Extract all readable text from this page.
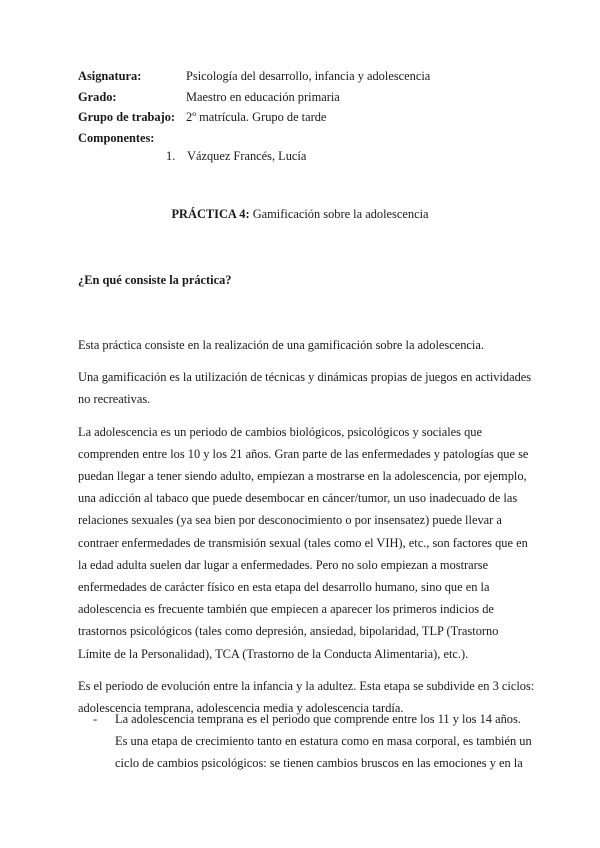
Asignatura:	Psicología del desarrollo, infancia y adolescencia
Grado:	Maestro en educación primaria
Grupo de trabajo: 2º matrícula. Grupo de tarde
Componentes:
1. Vázquez Francés, Lucía
PRÁCTICA 4: Gamificación sobre la adolescencia
¿En qué consiste la práctica?

Esta práctica consiste en la realización de una gamificación sobre la adolescencia.

Una gamificación es la utilización de técnicas y dinámicas propias de juegos en actividades
no recreativas.

La adolescencia es un periodo de cambios biológicos, psicológicos y sociales que
comprenden entre los 10 y los 21 años. Gran parte de las enfermedades y patologías que se
puedan llegar a tener siendo adulto, empiezan a mostrarse en la adolescencia, por ejemplo,
una adicción al tabaco que puede desembocar en cáncer/tumor, un uso inadecuado de las
relaciones sexuales (ya sea bien por desconocimiento o por insensatez) puede llevar a
contraer enfermedades de transmisión sexual (tales como el VIH), etc., son factores que en
la edad adulta suelen dar lugar a enfermedades. Pero no solo empiezan a mostrarse
enfermedades de carácter físico en esta etapa del desarrollo humano, sino que en la
adolescencia es frecuente también que empiecen a aparecer los primeros indicios de
trastornos psicológicos (tales como depresión, ansiedad, bipolaridad, TLP (Trastorno
Límite de la Personalidad), TCA (Trastorno de la Conducta Alimentaria), etc.).

Es el periodo de evolución entre la infancia y la adultez. Esta etapa se subdivide en 3 ciclos:
adolescencia temprana, adolescencia media y adolescencia tardía.

- La adolescencia temprana es el periodo que comprende entre los 11 y los 14 años.
Es una etapa de crecimiento tanto en estatura como en masa corporal, es también un
ciclo de cambios psicológicos: se tienen cambios bruscos en las emociones y en la
